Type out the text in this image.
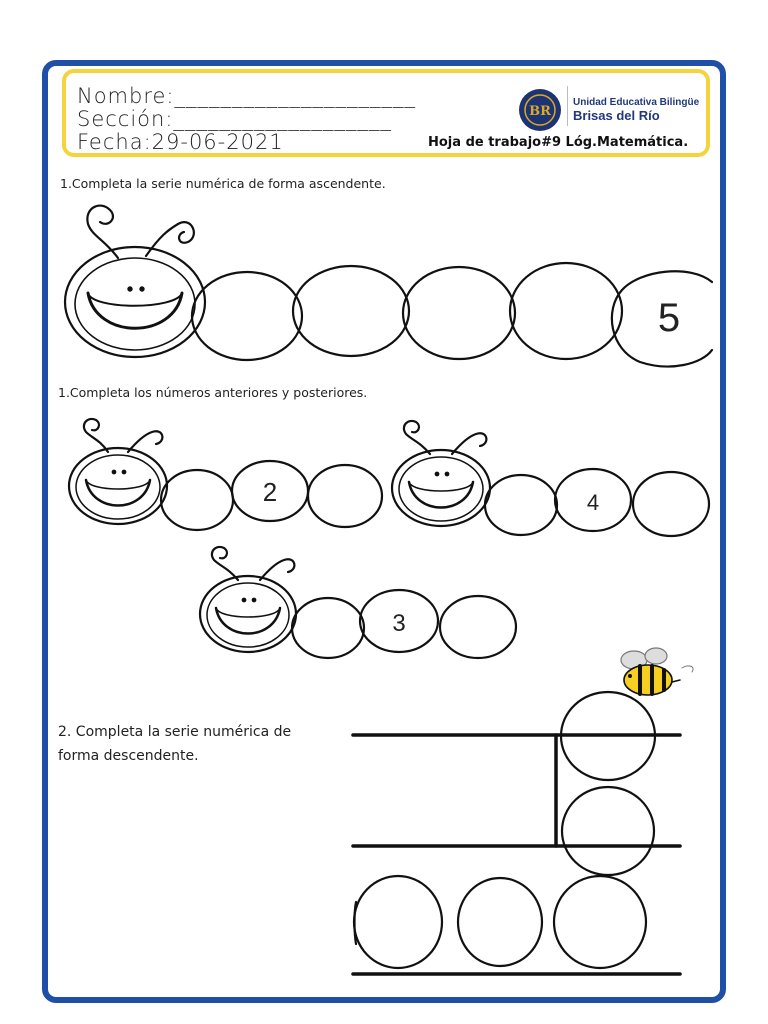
Nombre:_____________________
Sección:___________________
Fecha:29-06-2021
BR
Unidad Educativa Bilingüe
Brisas del Río
Hoja de trabajo#9 Lóg.Matemática.
1.Completa la serie numérica de forma ascendente.
1.Completa los números anteriores y posteriores.
2. Completa la serie numérica de forma descendente.
5
2	4
3
